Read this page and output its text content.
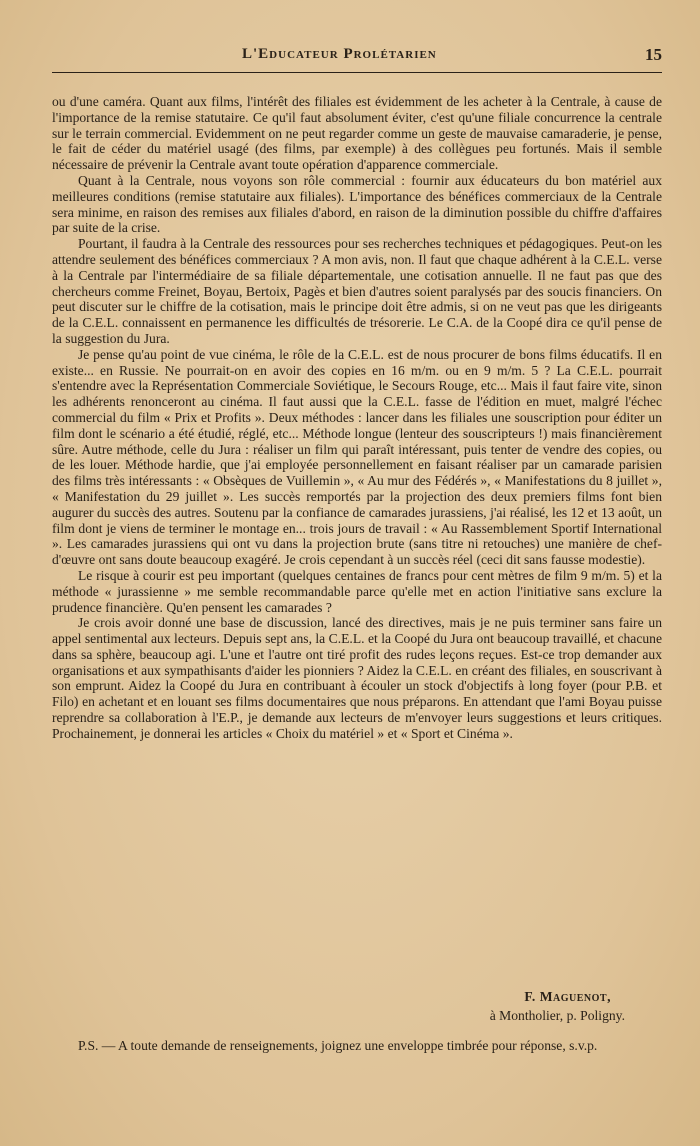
L'Educateur Prolétarien	15

ou d'une caméra. Quant aux films, l'intérêt des filiales est évidemment de les acheter à la Centrale, à cause de l'importance de la remise statutaire. Ce qu'il faut absolument éviter, c'est qu'une filiale concurrence la centrale sur le terrain commercial. Evidemment on ne peut regarder comme un geste de mauvaise camaraderie, je pense, le fait de céder du matériel usagé (des films, par exemple) à des collègues peu fortunés. Mais il semble nécessaire de prévenir la Centrale avant toute opération d'apparence commerciale.

Quant à la Centrale, nous voyons son rôle commercial : fournir aux éducateurs du bon matériel aux meilleures conditions (remise statutaire aux filiales). L'importance des bénéfices commerciaux de la Centrale sera minime, en raison des remises aux filiales d'abord, en raison de la diminution possible du chiffre d'affaires par suite de la crise.

Pourtant, il faudra à la Centrale des ressources pour ses recherches techniques et pédagogiques. Peut-on les attendre seulement des bénéfices commerciaux ? A mon avis, non. Il faut que chaque adhérent à la C.E.L. verse à la Centrale par l'intermédiaire de sa filiale départementale, une cotisation annuelle. Il ne faut pas que des chercheurs comme Freinet, Boyau, Bertoix, Pagès et bien d'autres soient paralysés par des soucis financiers. On peut discuter sur le chiffre de la cotisation, mais le principe doit être admis, si on ne veut pas que les dirigeants de la C.E.L. connaissent en permanence les difficultés de trésorerie. Le C.A. de la Coopé dira ce qu'il pense de la suggestion du Jura.

Je pense qu'au point de vue cinéma, le rôle de la C.E.L. est de nous procurer de bons films éducatifs. Il en existe... en Russie. Ne pourrait-on en avoir des copies en 16 m/m. ou en 9 m/m. 5 ? La C.E.L. pourrait s'entendre avec la Représentation Commerciale Soviétique, le Secours Rouge, etc... Mais il faut faire vite, sinon les adhérents renonceront au cinéma. Il faut aussi que la C.E.L. fasse de l'édition en muet, malgré l'échec commercial du film « Prix et Profits ». Deux méthodes : lancer dans les filiales une souscription pour éditer un film dont le scénario a été étudié, réglé, etc... Méthode longue (lenteur des souscripteurs !) mais financièrement sûre. Autre méthode, celle du Jura : réaliser un film qui paraît intéressant, puis tenter de vendre des copies, ou de les louer. Méthode hardie, que j'ai employée personnellement en faisant réaliser par un camarade parisien des films très intéressants : « Obsèques de Vuillemin », « Au mur des Fédérés », « Manifestations du 8 juillet », « Manifestation du 29 juillet ». Les succès remportés par la projection des deux premiers films font bien augurer du succès des autres. Soutenu par la confiance de camarades jurassiens, j'ai réalisé, les 12 et 13 août, un film dont je viens de terminer le montage en... trois jours de travail : « Au Rassemblement Sportif International ». Les camarades jurassiens qui ont vu dans la projection brute (sans titre ni retouches) une manière de chef-d'œuvre ont sans doute beaucoup exagéré. Je crois cependant à un succès réel (ceci dit sans fausse modestie).

Le risque à courir est peu important (quelques centaines de francs pour cent mètres de film 9 m/m. 5) et la méthode « jurassienne » me semble recommandable parce qu'elle met en action l'initiative sans exclure la prudence financière. Qu'en pensent les camarades ?

Je crois avoir donné une base de discussion, lancé des directives, mais je ne puis terminer sans faire un appel sentimental aux lecteurs. Depuis sept ans, la C.E.L. et la Coopé du Jura ont beaucoup travaillé, et chacune dans sa sphère, beaucoup agi. L'une et l'autre ont tiré profit des rudes leçons reçues. Est-ce trop demander aux organisations et aux sympathisants d'aider les pionniers ? Aidez la C.E.L. en créant des filiales, en souscrivant à son emprunt. Aidez la Coopé du Jura en contribuant à écouler un stock d'objectifs à long foyer (pour P.B. et Filo) en achetant et en louant ses films documentaires que nous préparons. En attendant que l'ami Boyau puisse reprendre sa collaboration à l'E.P., je demande aux lecteurs de m'envoyer leurs suggestions et leurs critiques. Prochainement, je donnerai les articles « Choix du matériel » et « Sport et Cinéma ».

F. Maguenot,
à Montholier, p. Poligny.
P.S. — A toute demande de renseignements, joignez une enveloppe timbrée pour réponse, s.v.p.
